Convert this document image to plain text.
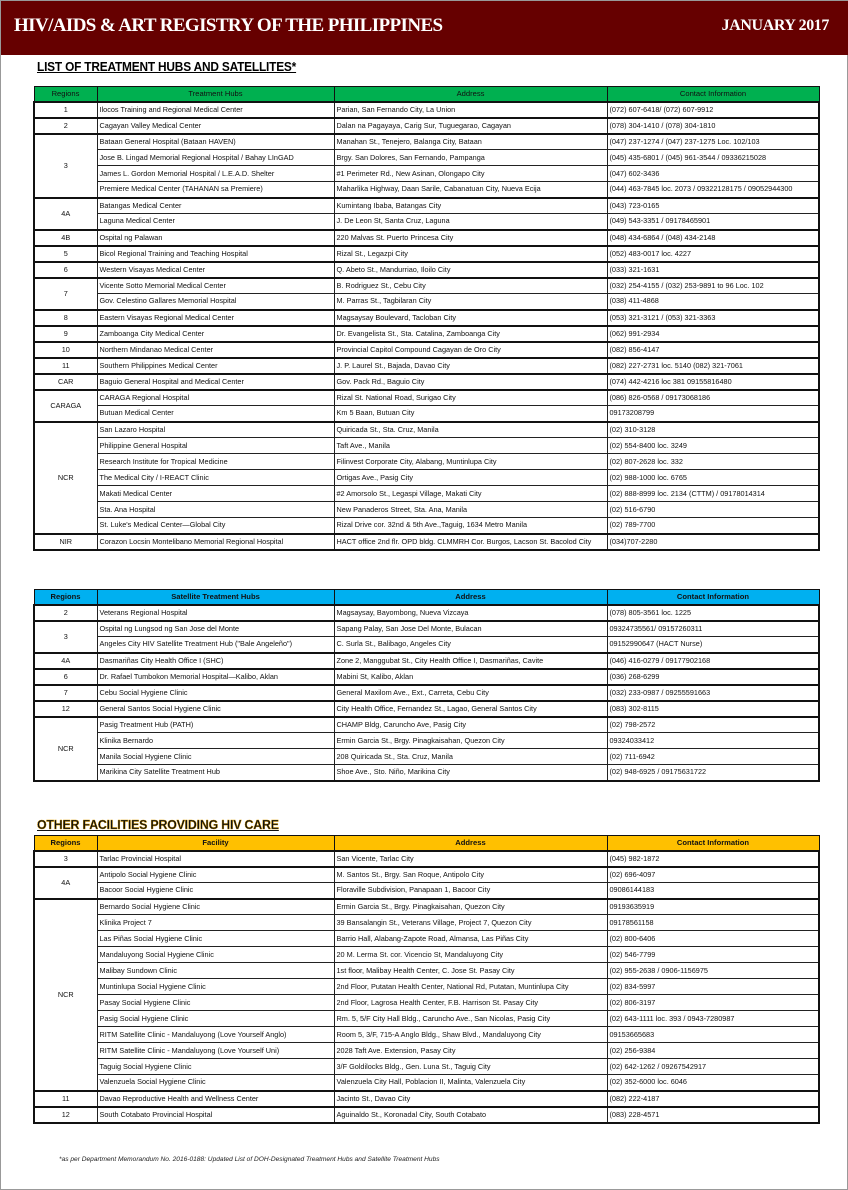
HIV/AIDS & ART REGISTRY OF THE PHILIPPINES	JANUARY 2017
LIST OF TREATMENT HUBS AND SATELLITES*
Regions	Treatment Hubs	Address	Contact Information
1	Ilocos Training and Regional Medical Center	Parian, San Fernando City, La Union	(072) 607-6418/ (072) 607-9912
2	Cagayan Valley Medical Center	Dalan na Pagayaya, Carig Sur, Tuguegarao, Cagayan	(078) 304-1410 / (078) 304-1810
3	Bataan General Hospital (Bataan HAVEN)	Manahan St., Tenejero, Balanga City, Bataan	(047) 237-1274 / (047) 237-1275 Loc. 102/103
	Jose B. Lingad Memorial Regional Hospital / Bahay LInGAD	Brgy. San Dolores, San Fernando, Pampanga	(045) 435-6801 / (045) 961-3544 / 09336215028
	James L. Gordon Memorial Hospital / L.E.A.D. Shelter	#1 Perimeter Rd., New Asinan, Olongapo City	(047) 602-3436
	Premiere Medical Center (TAHANAN sa Premiere)	Maharlika Highway, Daan Sarile, Cabanatuan City, Nueva Ecija	(044) 463-7845 loc. 2073 / 09322128175 / 09052944300
4A	Batangas Medical Center	Kumintang Ibaba, Batangas City	(043) 723-0165
	Laguna Medical Center	J. De Leon St, Santa Cruz, Laguna	(049) 543-3351 / 09178465901
4B	Ospital ng Palawan	220 Malvas St. Puerto Princesa City	(048) 434-6864 / (048) 434-2148
5	Bicol Regional Training and Teaching Hospital	Rizal St., Legazpi City	(052) 483-0017 loc. 4227
6	Western Visayas Medical Center	Q. Abeto St., Mandurriao, Iloilo City	(033) 321-1631
7	Vicente Sotto Memorial Medical Center	B. Rodriguez St., Cebu City	(032) 254-4155 / (032) 253-9891 to 96 Loc. 102
	Gov. Celestino Gallares Memorial Hospital	M. Parras St., Tagbilaran City	(038) 411-4868
8	Eastern Visayas Regional Medical Center	Magsaysay Boulevard, Tacloban City	(053) 321-3121 / (053) 321-3363
9	Zamboanga City Medical Center	Dr. Evangelista St., Sta. Catalina, Zamboanga City	(062) 991-2934
10	Northern Mindanao Medical Center	Provincial Capitol Compound Cagayan de Oro City	(082) 856-4147
11	Southern Philippines Medical Center	J. P. Laurel St., Bajada, Davao City	(082) 227-2731 loc. 5140 (082) 321-7061
CAR	Baguio General Hospital and Medical Center	Gov. Pack Rd., Baguio City	(074) 442-4216 loc 381 09155816480
CARAGA	CARAGA Regional Hospital	Rizal St. National Road, Surigao City	(086) 826-0568 / 09173068186
	Butuan Medical Center	Km 5 Baan, Butuan City	09173208799
NCR	San Lazaro Hospital	Quiricada St., Sta. Cruz, Manila	(02) 310-3128
	Philippine General Hospital	Taft Ave., Manila	(02) 554-8400 loc. 3249
	Research Institute for Tropical Medicine	Filinvest Corporate City, Alabang, Muntinlupa City	(02) 807-2628 loc. 332
	The Medical City / I-REACT Clinic	Ortigas Ave., Pasig City	(02) 988-1000 loc. 6765
	Makati Medical Center	#2 Amorsolo St., Legaspi Village, Makati City	(02) 888-8999 loc. 2134 (CTTM) / 09178014314
	Sta. Ana Hospital	New Panaderos Street, Sta. Ana, Manila	(02) 516-6790
	St. Luke's Medical Center—Global City	Rizal Drive cor. 32nd & 5th Ave.,Taguig, 1634 Metro Manila	(02) 789-7700
NIR	Corazon Locsin Montelibano Memorial Regional Hospital	HACT office 2nd flr. OPD bldg. CLMMRH Cor. Burgos, Lacson St. Bacolod City	(034)707-2280
Regions	Satellite Treatment Hubs	Address	Contact Information
2	Veterans Regional Hospital	Magsaysay, Bayombong, Nueva Vizcaya	(078) 805-3561 loc. 1225
3	Ospital ng Lungsod ng San Jose del Monte	Sapang Palay, San Jose Del Monte, Bulacan	09324735561/ 09157260311
	Angeles City HIV Satellite Treatment Hub ("Bale Angeleño")	C. Surla St., Balibago, Angeles City	09152990647 (HACT Nurse)
4A	Dasmariñas City Health Office I (SHC)	Zone 2, Manggubat St., City Health Office I, Dasmariñas, Cavite	(046) 416-0279 / 09177902168
6	Dr. Rafael Tumbokon Memorial Hospital—Kalibo, Aklan	Mabini St, Kalibo, Aklan	(036) 268-6299
7	Cebu Social Hygiene Clinic	General Maxilom Ave., Ext., Carreta, Cebu City	(032) 233-0987 / 09255591663
12	General Santos Social Hygiene Clinic	City Health Office, Fernandez St., Lagao, General Santos City	(083) 302-8115
NCR	Pasig Treatment Hub (PATH)	CHAMP Bldg, Caruncho Ave, Pasig City	(02) 798-2572
	Klinika Bernardo	Ermin Garcia St., Brgy. Pinagkaisahan, Quezon City	09324033412
	Manila Social Hygiene Clinic	208 Quiricada St., Sta. Cruz, Manila	(02) 711-6942
	Marikina City Satellite Treatment Hub	Shoe Ave., Sto. Niño, Marikina City	(02) 948-6925 / 09175631722
OTHER FACILITIES PROVIDING HIV CARE
Regions	Facility	Address	Contact Information
3	Tarlac Provincial Hospital	San Vicente, Tarlac City	(045) 982-1872
4A	Antipolo Social Hygiene Clinic	M. Santos St., Brgy. San Roque, Antipolo City	(02) 696-4097
	Bacoor Social Hygiene Clinic	Floraville Subdivision, Panapaan 1, Bacoor City	09086144183
NCR	Bernardo Social Hygiene Clinic	Ermin Garcia St., Brgy. Pinagkaisahan, Quezon City	09193635919
	Klinika Project 7	39 Bansalangin St., Veterans Village, Project 7, Quezon City	09178561158
	Las Piñas Social Hygiene Clinic	Barrio Hall, Alabang-Zapote Road, Almansa, Las Piñas City	(02) 800-6406
	Mandaluyong Social Hygiene Clinic	20 M. Lerma St. cor. Vicencio St, Mandaluyong City	(02) 546-7799
	Malibay Sundown Clinic	1st floor, Malibay Health Center, C. Jose St. Pasay City	(02) 955-2638 / 0906-1156975
	Muntinlupa Social Hygiene Clinic	2nd Floor, Putatan Health Center, National Rd, Putatan, Muntinlupa City	(02) 834-5997
	Pasay Social Hygiene Clinic	2nd Floor, Lagrosa Health Center, F.B. Harrison St. Pasay City	(02) 806-3197
	Pasig Social Hygiene Clinic	Rm. 5, 5/F City Hall Bldg., Caruncho Ave., San Nicolas, Pasig City	(02) 643-1111 loc. 393 / 0943-7280987
	RITM Satellite Clinic - Mandaluyong (Love Yourself Anglo)	Room 5, 3/F, 715-A Anglo Bldg., Shaw Blvd., Mandaluyong City	09153665683
	RITM Satellite Clinic - Mandaluyong (Love Yourself Uni)	2028 Taft Ave. Extension, Pasay City	(02) 256-9384
	Taguig Social Hygiene Clinic	3/F Goldilocks Bldg., Gen. Luna St., Taguig City	(02) 642-1262 / 09267542917
	Valenzuela Social Hygiene Clinic	Valenzuela City Hall, Poblacion II, Malinta, Valenzuela City	(02) 352-6000 loc. 6046
11	Davao Reproductive Health and Wellness Center	Jacinto St., Davao City	(082) 222-4187
12	South Cotabato Provincial Hospital	Aguinaldo St., Koronadal City, South Cotabato	(083) 228-4571
*as per Department Memorandum No. 2016-0188: Updated List of DOH-Designated Treatment Hubs and Satellite Treatment Hubs
